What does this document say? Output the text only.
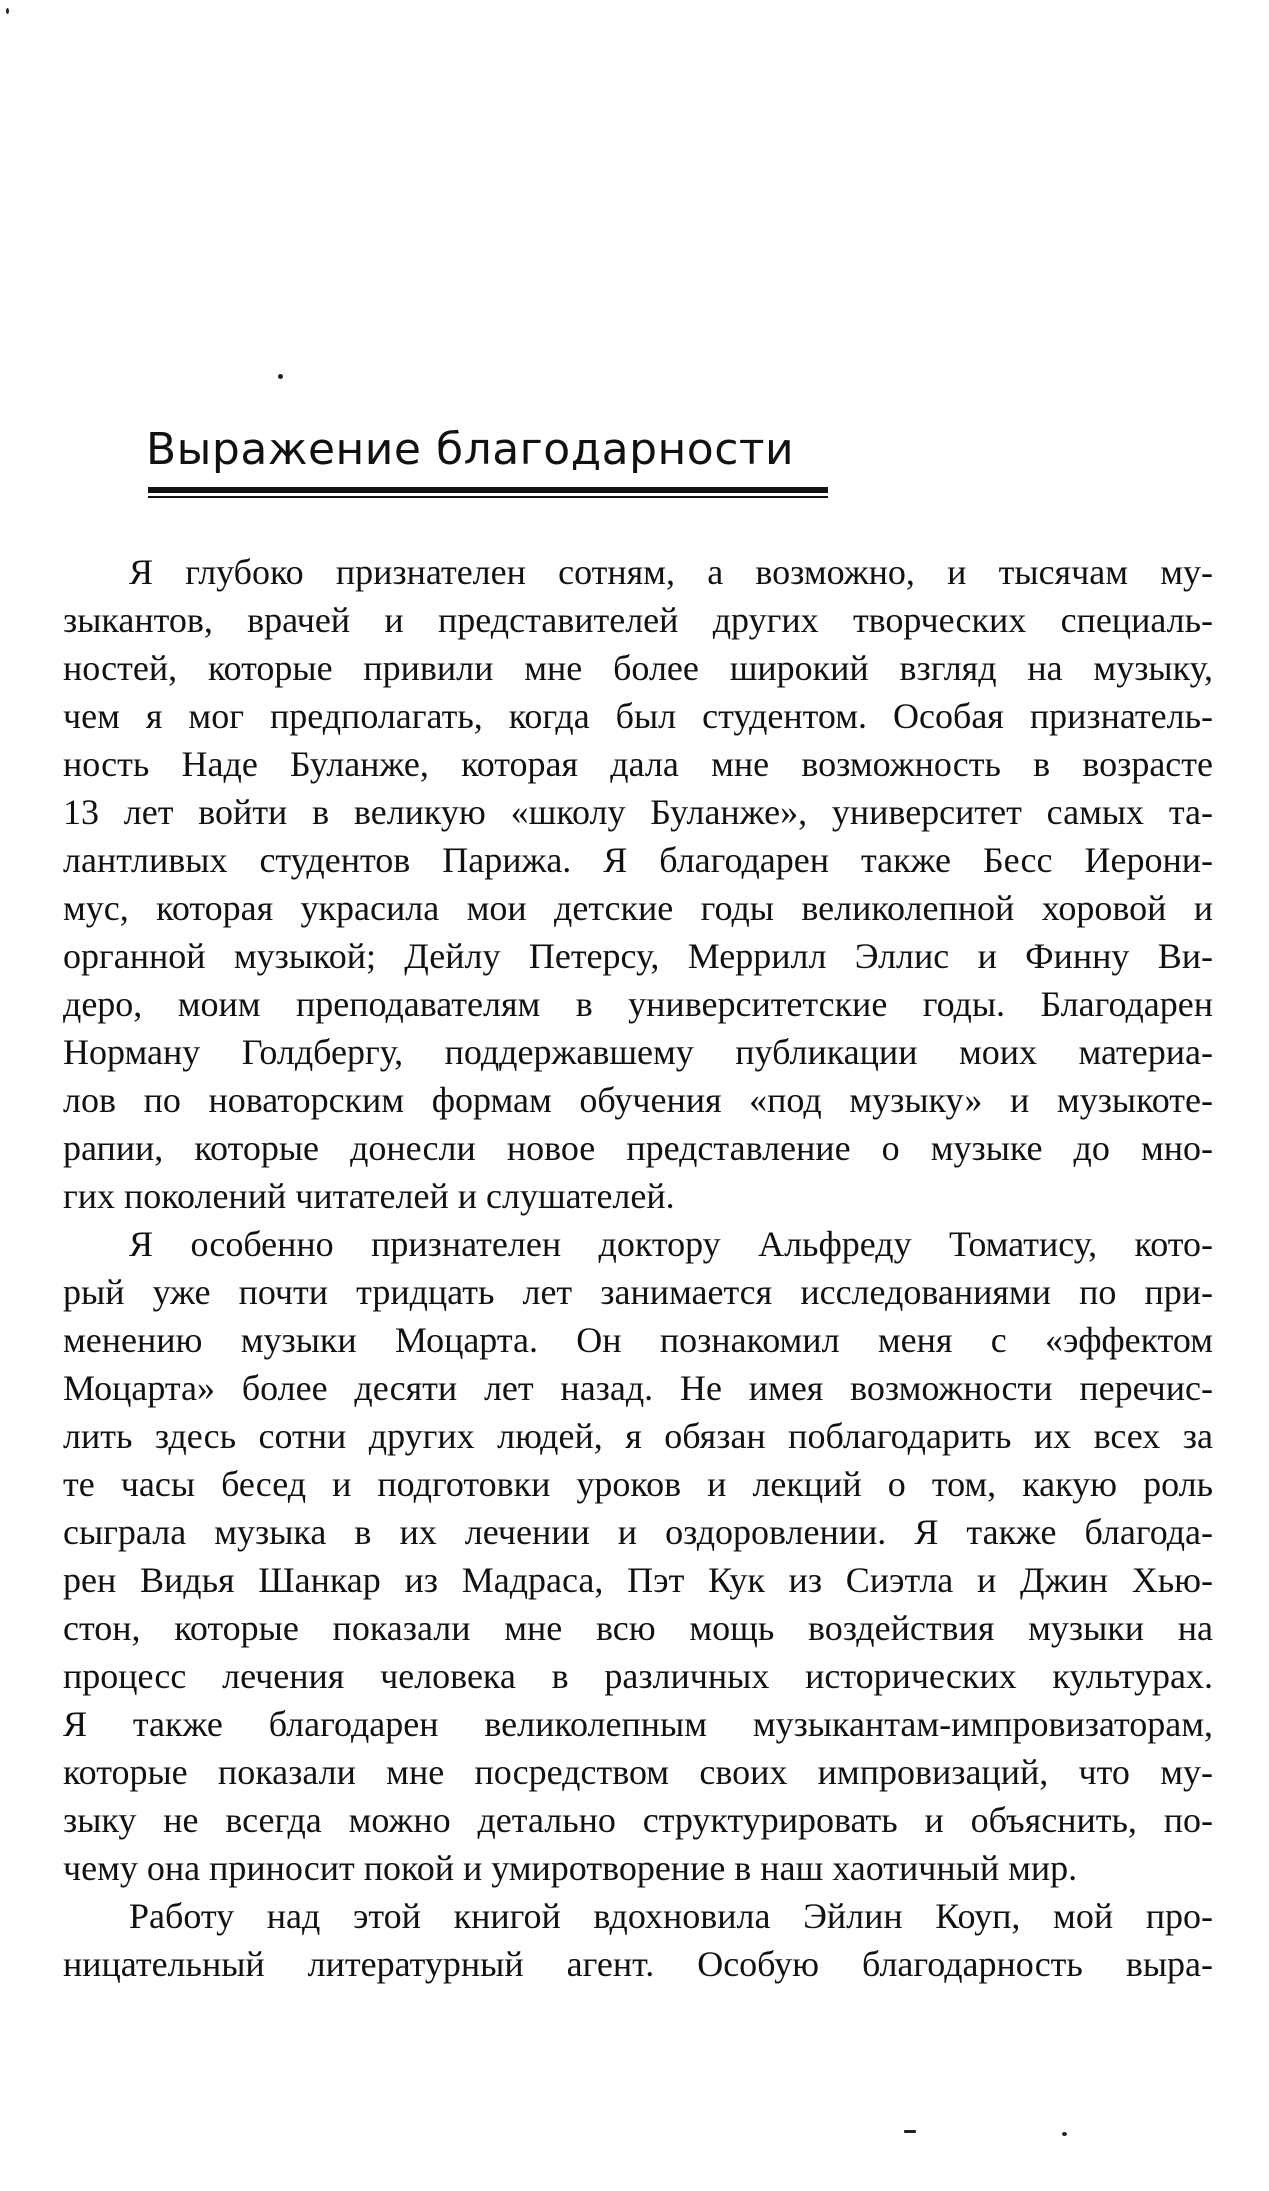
Выражение благодарности
Я глубоко признателен сотням, а возможно, и тысячам му-
зыкантов, врачей и представителей других творческих специаль-
ностей, которые привили мне более широкий взгляд на музыку,
чем я мог предполагать, когда был студентом. Особая признатель-
ность Наде Буланже, которая дала мне возможность в возрасте
13 лет войти в великую «школу Буланже», университет самых та-
лантливых студентов Парижа. Я благодарен также Бесс Иерони-
мус, которая украсила мои детские годы великолепной хоровой и
органной музыкой; Дейлу Петерсу, Меррилл Эллис и Финну Ви-
деро, моим преподавателям в университетские годы. Благодарен
Норману Голдбергу, поддержавшему публикации моих материа-
лов по новаторским формам обучения «под музыку» и музыкоте-
рапии, которые донесли новое представление о музыке до мно-
гих поколений читателей и слушателей.
Я особенно признателен доктору Альфреду Томатису, кото-
рый уже почти тридцать лет занимается исследованиями по при-
менению музыки Моцарта. Он познакомил меня с «эффектом
Моцарта» более десяти лет назад. Не имея возможности перечис-
лить здесь сотни других людей, я обязан поблагодарить их всех за
те часы бесед и подготовки уроков и лекций о том, какую роль
сыграла музыка в их лечении и оздоровлении. Я также благода-
рен Видья Шанкар из Мадраса, Пэт Кук из Сиэтла и Джин Хью-
стон, которые показали мне всю мощь воздействия музыки на
процесс лечения человека в различных исторических культурах.
Я также благодарен великолепным музыкантам-импровизаторам,
которые показали мне посредством своих импровизаций, что му-
зыку не всегда можно детально структурировать и объяснить, по-
чему она приносит покой и умиротворение в наш хаотичный мир.
Работу над этой книгой вдохновила Эйлин Коуп, мой про-
ницательный литературный агент. Особую благодарность выра-
